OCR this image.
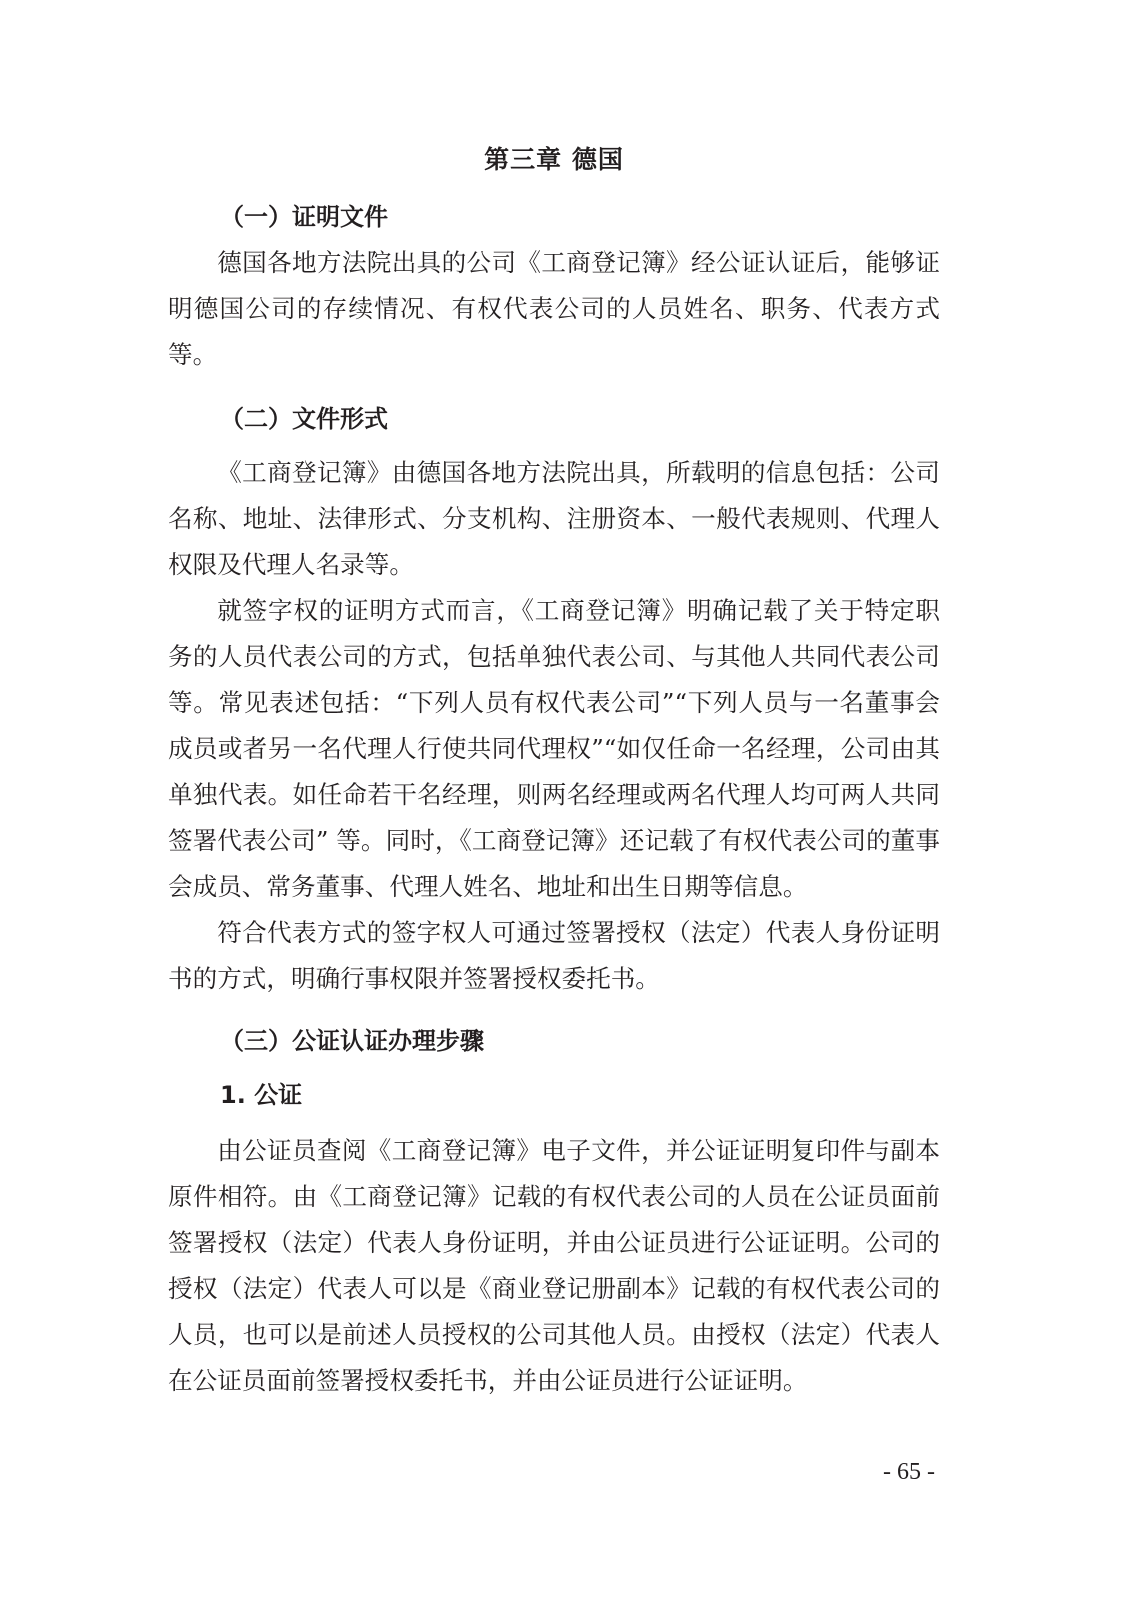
第三章 德国
（一）证明文件

德国各地方法院出具的公司《工商登记簿》经公证认证后，能够证明德国公司的存续情况、有权代表公司的人员姓名、职务、代表方式等。

（二）文件形式

《工商登记簿》由德国各地方法院出具，所载明的信息包括：公司名称、地址、法律形式、分支机构、注册资本、一般代表规则、代理人权限及代理人名录等。

就签字权的证明方式而言，《工商登记簿》明确记载了关于特定职务的人员代表公司的方式，包括单独代表公司、与其他人共同代表公司等。常见表述包括：“下列人员有权代表公司”“下列人员与一名董事会成员或者另一名代理人行使共同代理权”“如仅任命一名经理，公司由其单独代表。如任命若干名经理，则两名经理或两名代理人均可两人共同签署代表公司” 等。同时，《工商登记簿》还记载了有权代表公司的董事会成员、常务董事、代理人姓名、地址和出生日期等信息。

符合代表方式的签字权人可通过签署授权（法定）代表人身份证明书的方式，明确行事权限并签署授权委托书。

（三）公证认证办理步骤
1. 公证

由公证员查阅《工商登记簿》电子文件，并公证证明复印件与副本原件相符。由《工商登记簿》记载的有权代表公司的人员在公证员面前签署授权（法定）代表人身份证明，并由公证员进行公证证明。公司的授权（法定）代表人可以是《商业登记册副本》记载的有权代表公司的人员，也可以是前述人员授权的公司其他人员。由授权（法定）代表人在公证员面前签署授权委托书，并由公证员进行公证证明。

- 65 -
